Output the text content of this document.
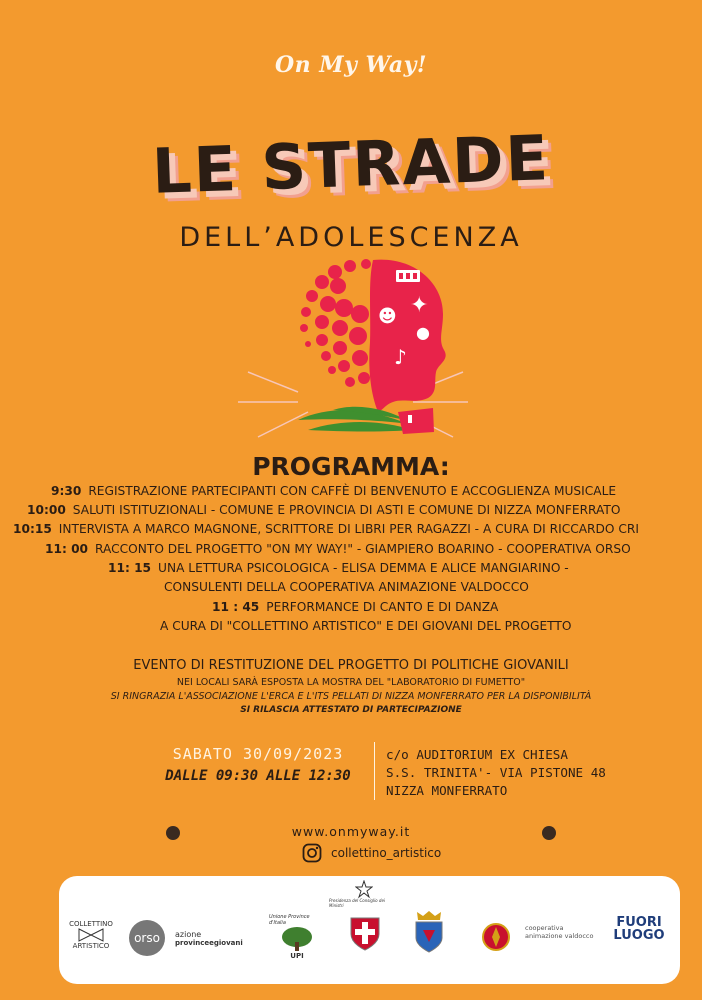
On My Way!
LE STRADE
DELL’ADOLESCENZA
✦
☻
●
♪
PROGRAMMA:
9:30 REGISTRAZIONE PARTECIPANTI CON CAFFÈ DI BENVENUTO E ACCOGLIENZA MUSICALE
10:00 SALUTI ISTITUZIONALI - COMUNE E PROVINCIA DI ASTI E COMUNE DI NIZZA MONFERRATO
10:15 INTERVISTA A MARCO MAGNONE, SCRITTORE DI LIBRI PER RAGAZZI - A CURA DI RICCARDO CRI
11: 00 RACCONTO DEL PROGETTO "ON MY WAY!" - GIAMPIERO BOARINO - COOPERATIVA ORSO
11: 15 UNA LETTURA PSICOLOGICA - ELISA DEMMA E ALICE MANGIARINO -
CONSULENTI DELLA COOPERATIVA ANIMAZIONE VALDOCCO
11 : 45 PERFORMANCE DI CANTO E DI DANZA
A CURA DI "COLLETTINO ARTISTICO" E DEI GIOVANI DEL PROGETTO
EVENTO DI RESTITUZIONE DEL PROGETTO DI POLITICHE GIOVANILI
NEI LOCALI SARÀ ESPOSTA LA MOSTRA DEL "LABORATORIO DI FUMETTO"
SI RINGRAZIA L'ASSOCIAZIONE L'ERCA E L'ITS PELLATI DI NIZZA MONFERRATO PER LA DISPONIBILITÀ
SI RILASCIA ATTESTATO DI PARTECIPAZIONE
SABATO 30/09/2023
DALLE 09:30 ALLE 12:30
c/o AUDITORIUM EX CHIESA
S.S. TRINITA'- VIA PISTONE 48
NIZZA MONFERRATO
www.onmyway.it
collettino_artistico
COLLETTINO
ARTISTICO
orso azione
provinceegiovani
Unione Province d'Italia
UPI
Presidenza del Consiglio dei Ministri
cooperativa animazione valdocco
FUORI
LUOGO
